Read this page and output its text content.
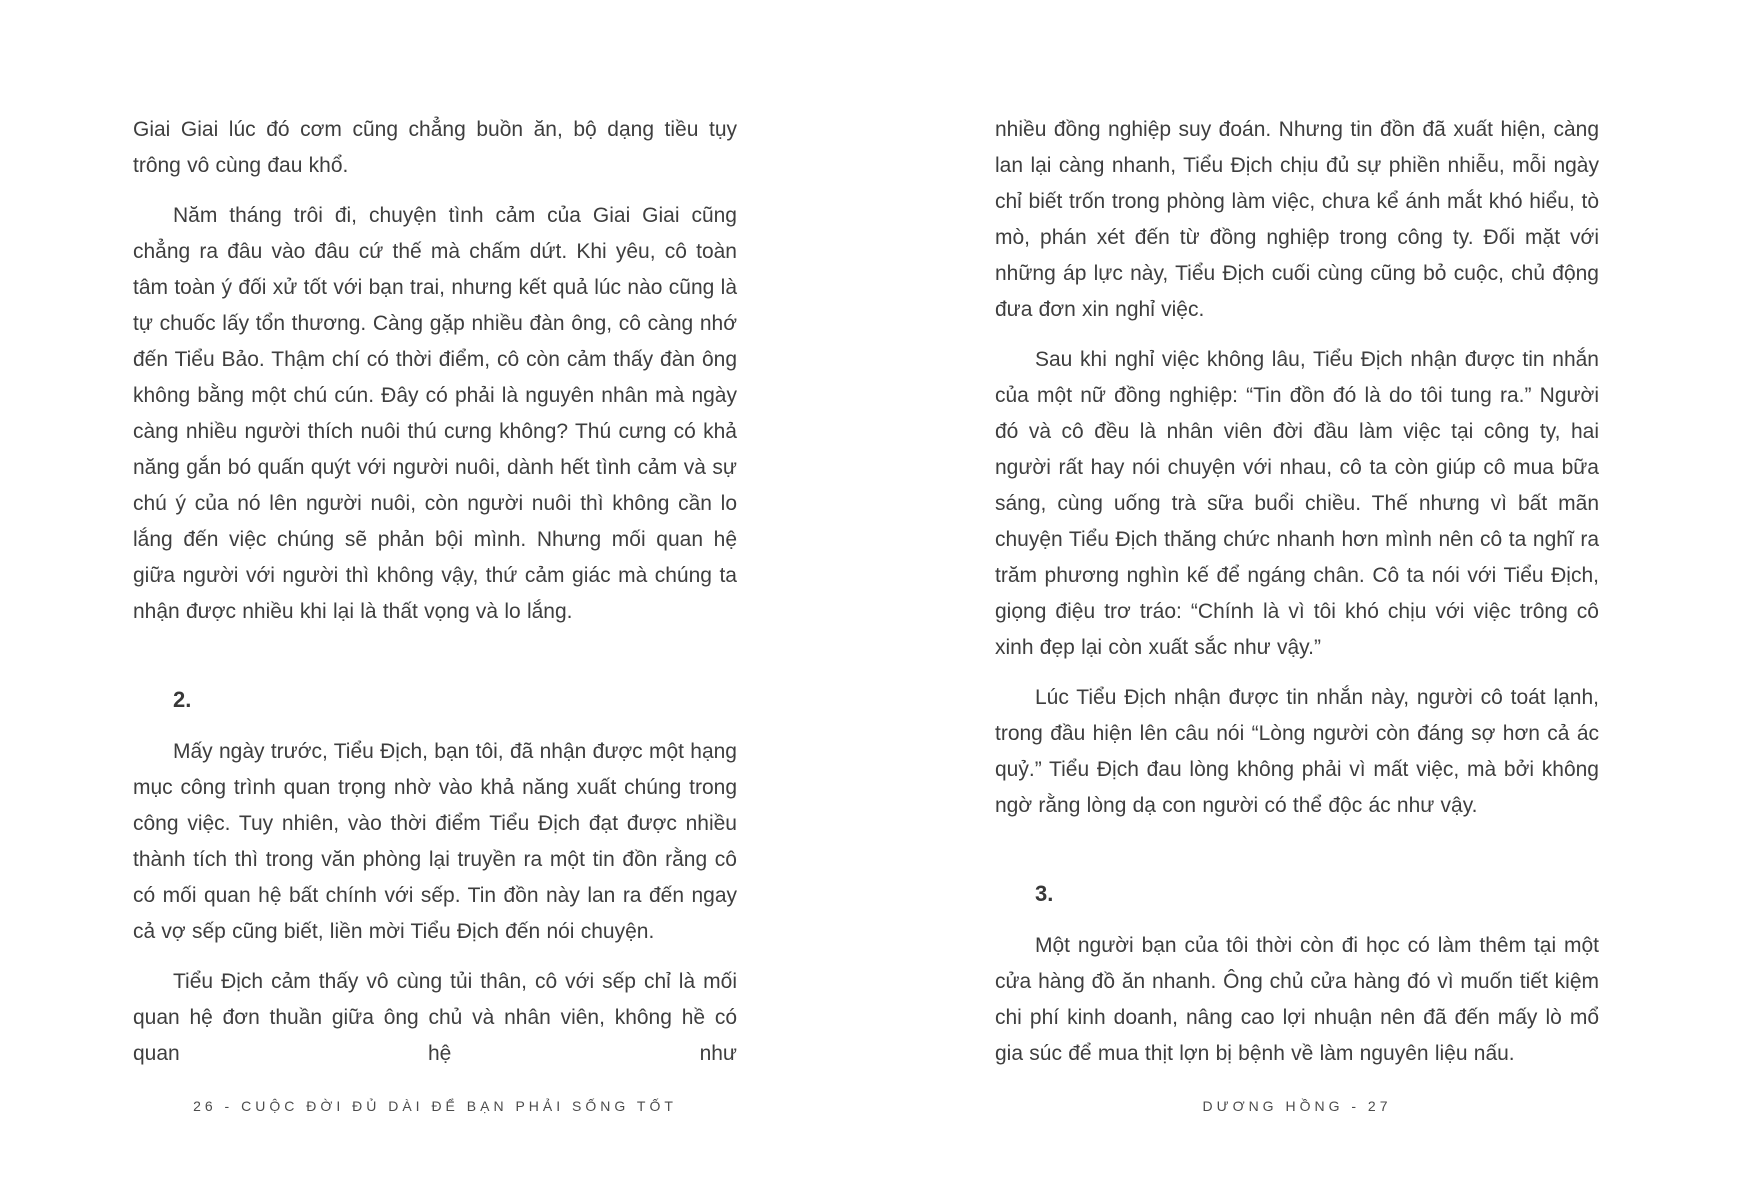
Giai Giai lúc đó cơm cũng chẳng buồn ăn, bộ dạng tiều tụy trông vô cùng đau khổ.
Năm tháng trôi đi, chuyện tình cảm của Giai Giai cũng chẳng ra đâu vào đâu cứ thế mà chấm dứt. Khi yêu, cô toàn tâm toàn ý đối xử tốt với bạn trai, nhưng kết quả lúc nào cũng là tự chuốc lấy tổn thương. Càng gặp nhiều đàn ông, cô càng nhớ đến Tiểu Bảo. Thậm chí có thời điểm, cô còn cảm thấy đàn ông không bằng một chú cún. Đây có phải là nguyên nhân mà ngày càng nhiều người thích nuôi thú cưng không? Thú cưng có khả năng gắn bó quấn quýt với người nuôi, dành hết tình cảm và sự chú ý của nó lên người nuôi, còn người nuôi thì không cần lo lắng đến việc chúng sẽ phản bội mình. Nhưng mối quan hệ giữa người với người thì không vậy, thứ cảm giác mà chúng ta nhận được nhiều khi lại là thất vọng và lo lắng.
2.
Mấy ngày trước, Tiểu Địch, bạn tôi, đã nhận được một hạng mục công trình quan trọng nhờ vào khả năng xuất chúng trong công việc. Tuy nhiên, vào thời điểm Tiểu Địch đạt được nhiều thành tích thì trong văn phòng lại truyền ra một tin đồn rằng cô có mối quan hệ bất chính với sếp. Tin đồn này lan ra đến ngay cả vợ sếp cũng biết, liền mời Tiểu Địch đến nói chuyện.
Tiểu Địch cảm thấy vô cùng tủi thân, cô với sếp chỉ là mối quan hệ đơn thuần giữa ông chủ và nhân viên, không hề có quan hệ như
nhiều đồng nghiệp suy đoán. Nhưng tin đồn đã xuất hiện, càng lan lại càng nhanh, Tiểu Địch chịu đủ sự phiền nhiễu, mỗi ngày chỉ biết trốn trong phòng làm việc, chưa kể ánh mắt khó hiểu, tò mò, phán xét đến từ đồng nghiệp trong công ty. Đối mặt với những áp lực này, Tiểu Địch cuối cùng cũng bỏ cuộc, chủ động đưa đơn xin nghỉ việc.
Sau khi nghỉ việc không lâu, Tiểu Địch nhận được tin nhắn của một nữ đồng nghiệp: “Tin đồn đó là do tôi tung ra.” Người đó và cô đều là nhân viên đời đầu làm việc tại công ty, hai người rất hay nói chuyện với nhau, cô ta còn giúp cô mua bữa sáng, cùng uống trà sữa buổi chiều. Thế nhưng vì bất mãn chuyện Tiểu Địch thăng chức nhanh hơn mình nên cô ta nghĩ ra trăm phương nghìn kế để ngáng chân. Cô ta nói với Tiểu Địch, giọng điệu trơ tráo: “Chính là vì tôi khó chịu với việc trông cô xinh đẹp lại còn xuất sắc như vậy.”
Lúc Tiểu Địch nhận được tin nhắn này, người cô toát lạnh, trong đầu hiện lên câu nói “Lòng người còn đáng sợ hơn cả ác quỷ.” Tiểu Địch đau lòng không phải vì mất việc, mà bởi không ngờ rằng lòng dạ con người có thể độc ác như vậy.
3.
Một người bạn của tôi thời còn đi học có làm thêm tại một cửa hàng đồ ăn nhanh. Ông chủ cửa hàng đó vì muốn tiết kiệm chi phí kinh doanh, nâng cao lợi nhuận nên đã đến mấy lò mổ gia súc để mua thịt lợn bị bệnh về làm nguyên liệu nấu.
26 - CUỘC ĐỜI ĐỦ DÀI ĐỂ BẠN PHẢI SỐNG TỐT	DƯƠNG HỒNG - 27
